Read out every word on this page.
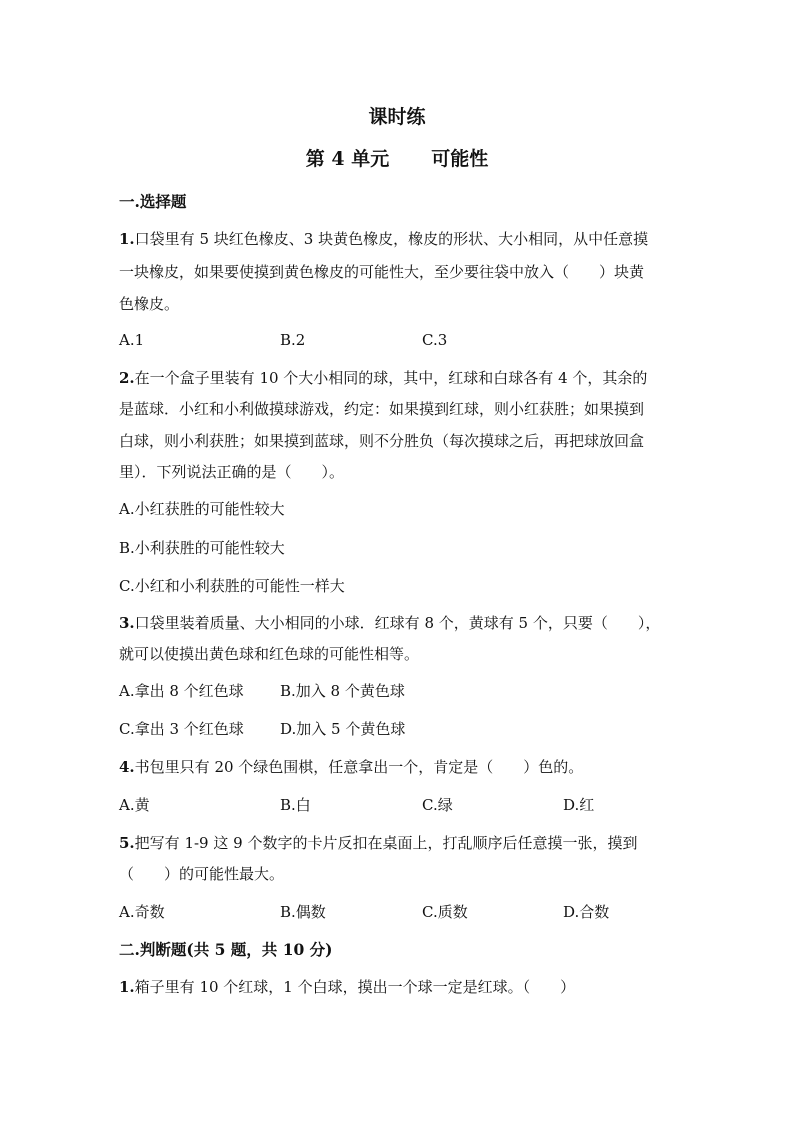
课时练
第 4 单元 可能性
一.选择题
1.口袋里有 5 块红色橡皮、3 块黄色橡皮，橡皮的形状、大小相同，从中任意摸
一块橡皮，如果要使摸到黄色橡皮的可能性大，至少要往袋中放入（　　）块黄
色橡皮。
A.1	B.2	C.3
2.在一个盒子里装有 10 个大小相同的球，其中，红球和白球各有 4 个，其余的
是蓝球．小红和小利做摸球游戏，约定：如果摸到红球，则小红获胜；如果摸到
白球，则小利获胜；如果摸到蓝球，则不分胜负（每次摸球之后，再把球放回盒
里）．下列说法正确的是（　　）。
A.小红获胜的可能性较大
B.小利获胜的可能性较大
C.小红和小利获胜的可能性一样大
3.口袋里装着质量、大小相同的小球．红球有 8 个，黄球有 5 个，只要（　　），
就可以使摸出黄色球和红色球的可能性相等。
A.拿出 8 个红色球 B.加入 8 个黄色球
C.拿出 3 个红色球 D.加入 5 个黄色球
4.书包里只有 20 个绿色围棋，任意拿出一个，肯定是（　　）色的。
A.黄	B.白	C.绿	D.红
5.把写有 1-9 这 9 个数字的卡片反扣在桌面上，打乱顺序后任意摸一张，摸到
（　　）的可能性最大。
A.奇数	B.偶数	C.质数	D.合数
二.判断题(共 5 题，共 10 分)
1.箱子里有 10 个红球，1 个白球，摸出一个球一定是红球。（　　）
